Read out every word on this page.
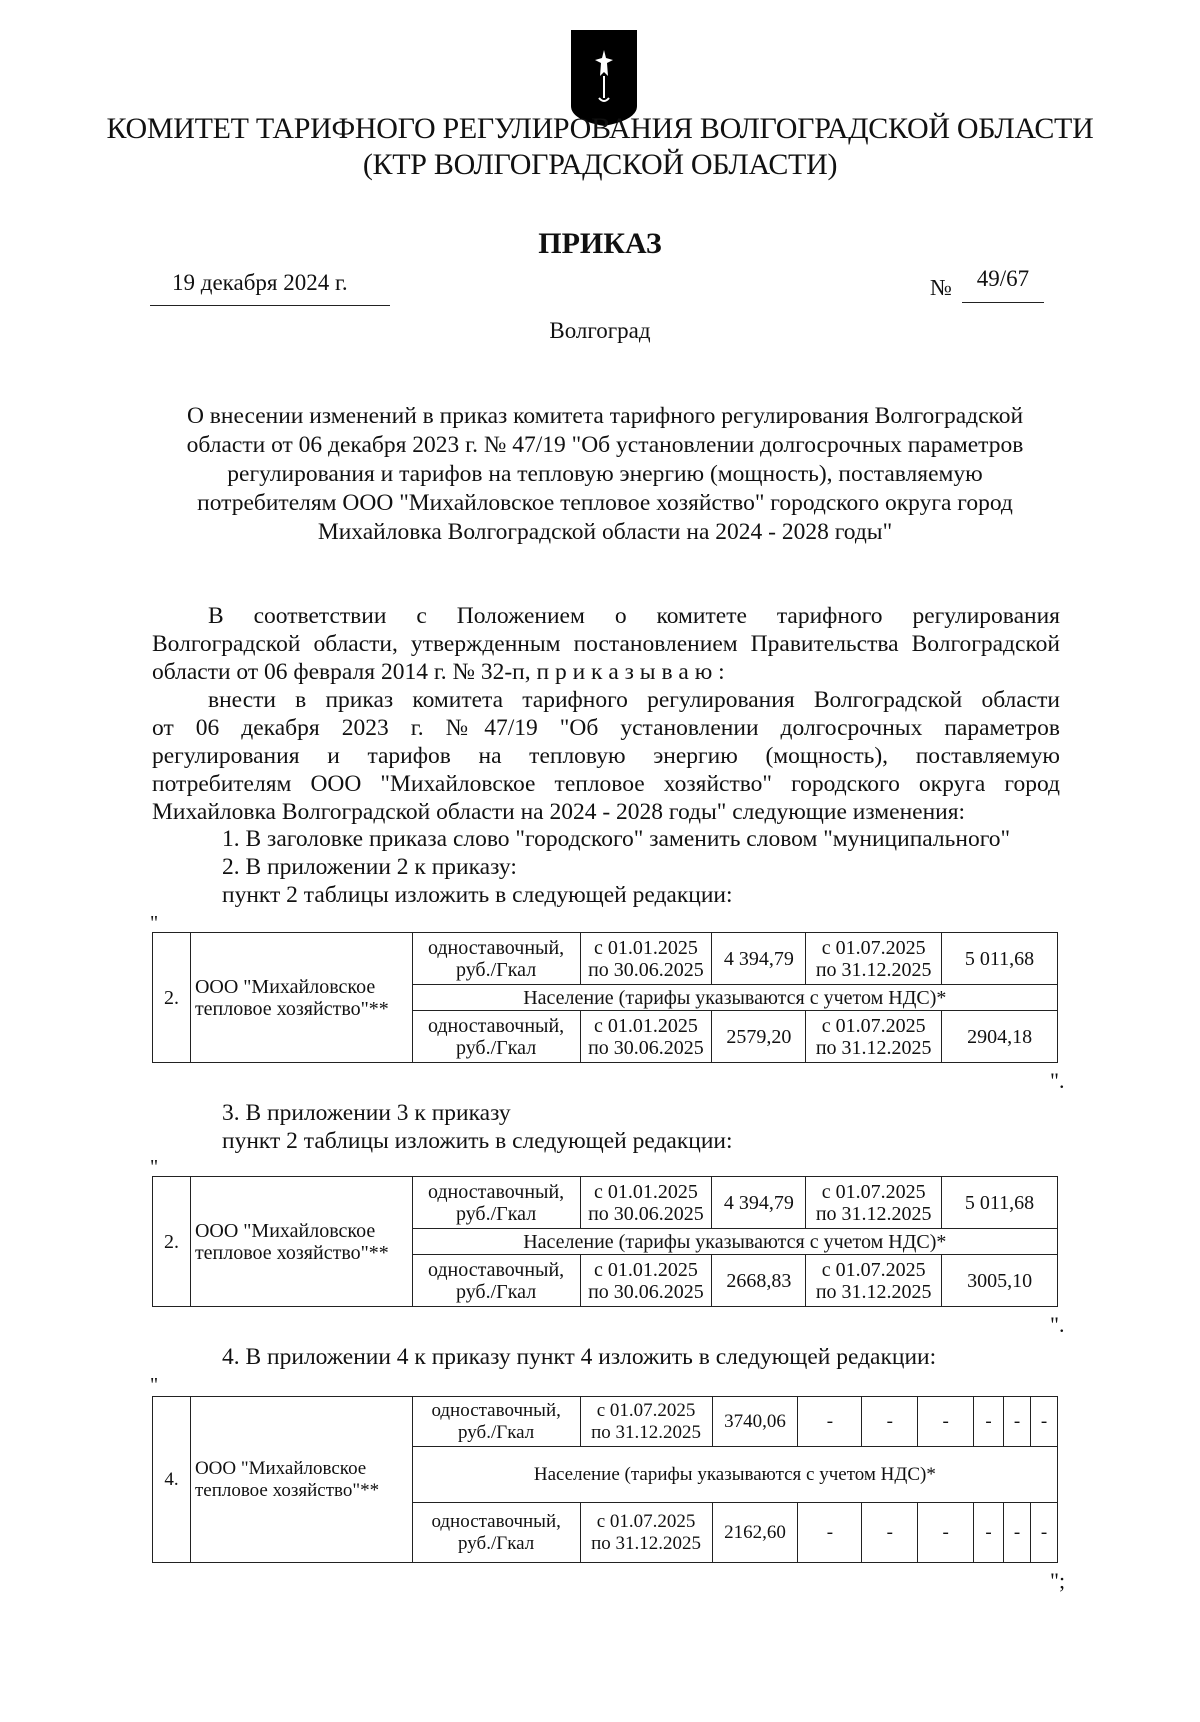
КОМИТЕТ ТАРИФНОГО РЕГУЛИРОВАНИЯ ВОЛГОГРАДСКОЙ ОБЛАСТИ
(КТР ВОЛГОГРАДСКОЙ ОБЛАСТИ)
ПРИКАЗ
19 декабря 2024 г.	№	49/67
Волгоград
О внесении изменений в приказ комитета тарифного регулирования Волгоградской
области от 06 декабря 2023 г. № 47/19 "Об установлении долгосрочных параметров
регулирования и тарифов на тепловую энергию (мощность), поставляемую
потребителям ООО "Михайловское тепловое хозяйство" городского округа город
Михайловка Волгоградской области на 2024 - 2028 годы"

В соответствии с Положением о комитете тарифного регулирования

Волгоградской области, утвержденным постановлением Правительства Волгоградской

области от 06 февраля 2014 г. № 32-п, п р и к а з ы в а ю :

внести в приказ комитета тарифного регулирования Волгоградской области

от 06 декабря 2023 г. №47/19 "Об установлении долгосрочных параметров

регулирования и тарифов на тепловую энергию (мощность), поставляемую

потребителям ООО "Михайловское тепловое хозяйство" городского округа город

Михайловка Волгоградской области на 2024 - 2028 годы" следующие изменения:

1. В заголовке приказа слово "городского" заменить словом "муниципального"
2. В приложении 2 к приказу:
пункт 2 таблицы изложить в следующей редакции:
"
2.	ООО "Михайловское тепловое хозяйство"**	одноставочный, руб./Гкал	с 01.01.2025 по 30.06.2025	4 394,79	с 01.07.2025 по 31.12.2025	5 011,68
		Население (тарифы указываются с учетом НДС)*				
		одноставочный, руб./Гкал	с 01.01.2025 по 30.06.2025	2579,20	с 01.07.2025 по 31.12.2025	2904,18
".
3. В приложении 3 к приказу
пункт 2 таблицы изложить в следующей редакции:
"
2.	ООО "Михайловское тепловое хозяйство"**	одноставочный, руб./Гкал	с 01.01.2025 по 30.06.2025	4 394,79	с 01.07.2025 по 31.12.2025	5 011,68
		Население (тарифы указываются с учетом НДС)*				
		одноставочный, руб./Гкал	с 01.01.2025 по 30.06.2025	2668,83	с 01.07.2025 по 31.12.2025	3005,10
".
4. В приложении 4 к приказу пункт 4 изложить в следующей редакции:
"
4.	ООО "Михайловское тепловое хозяйство"**	одноставочный, руб./Гкал	с 01.07.2025 по 31.12.2025	3740,06	-	-	-	-	-	-
		Население (тарифы указываются с учетом НДС)*								
		одноставочный, руб./Гкал	с 01.07.2025 по 31.12.2025	2162,60	-	-	-	-	-	-
";
